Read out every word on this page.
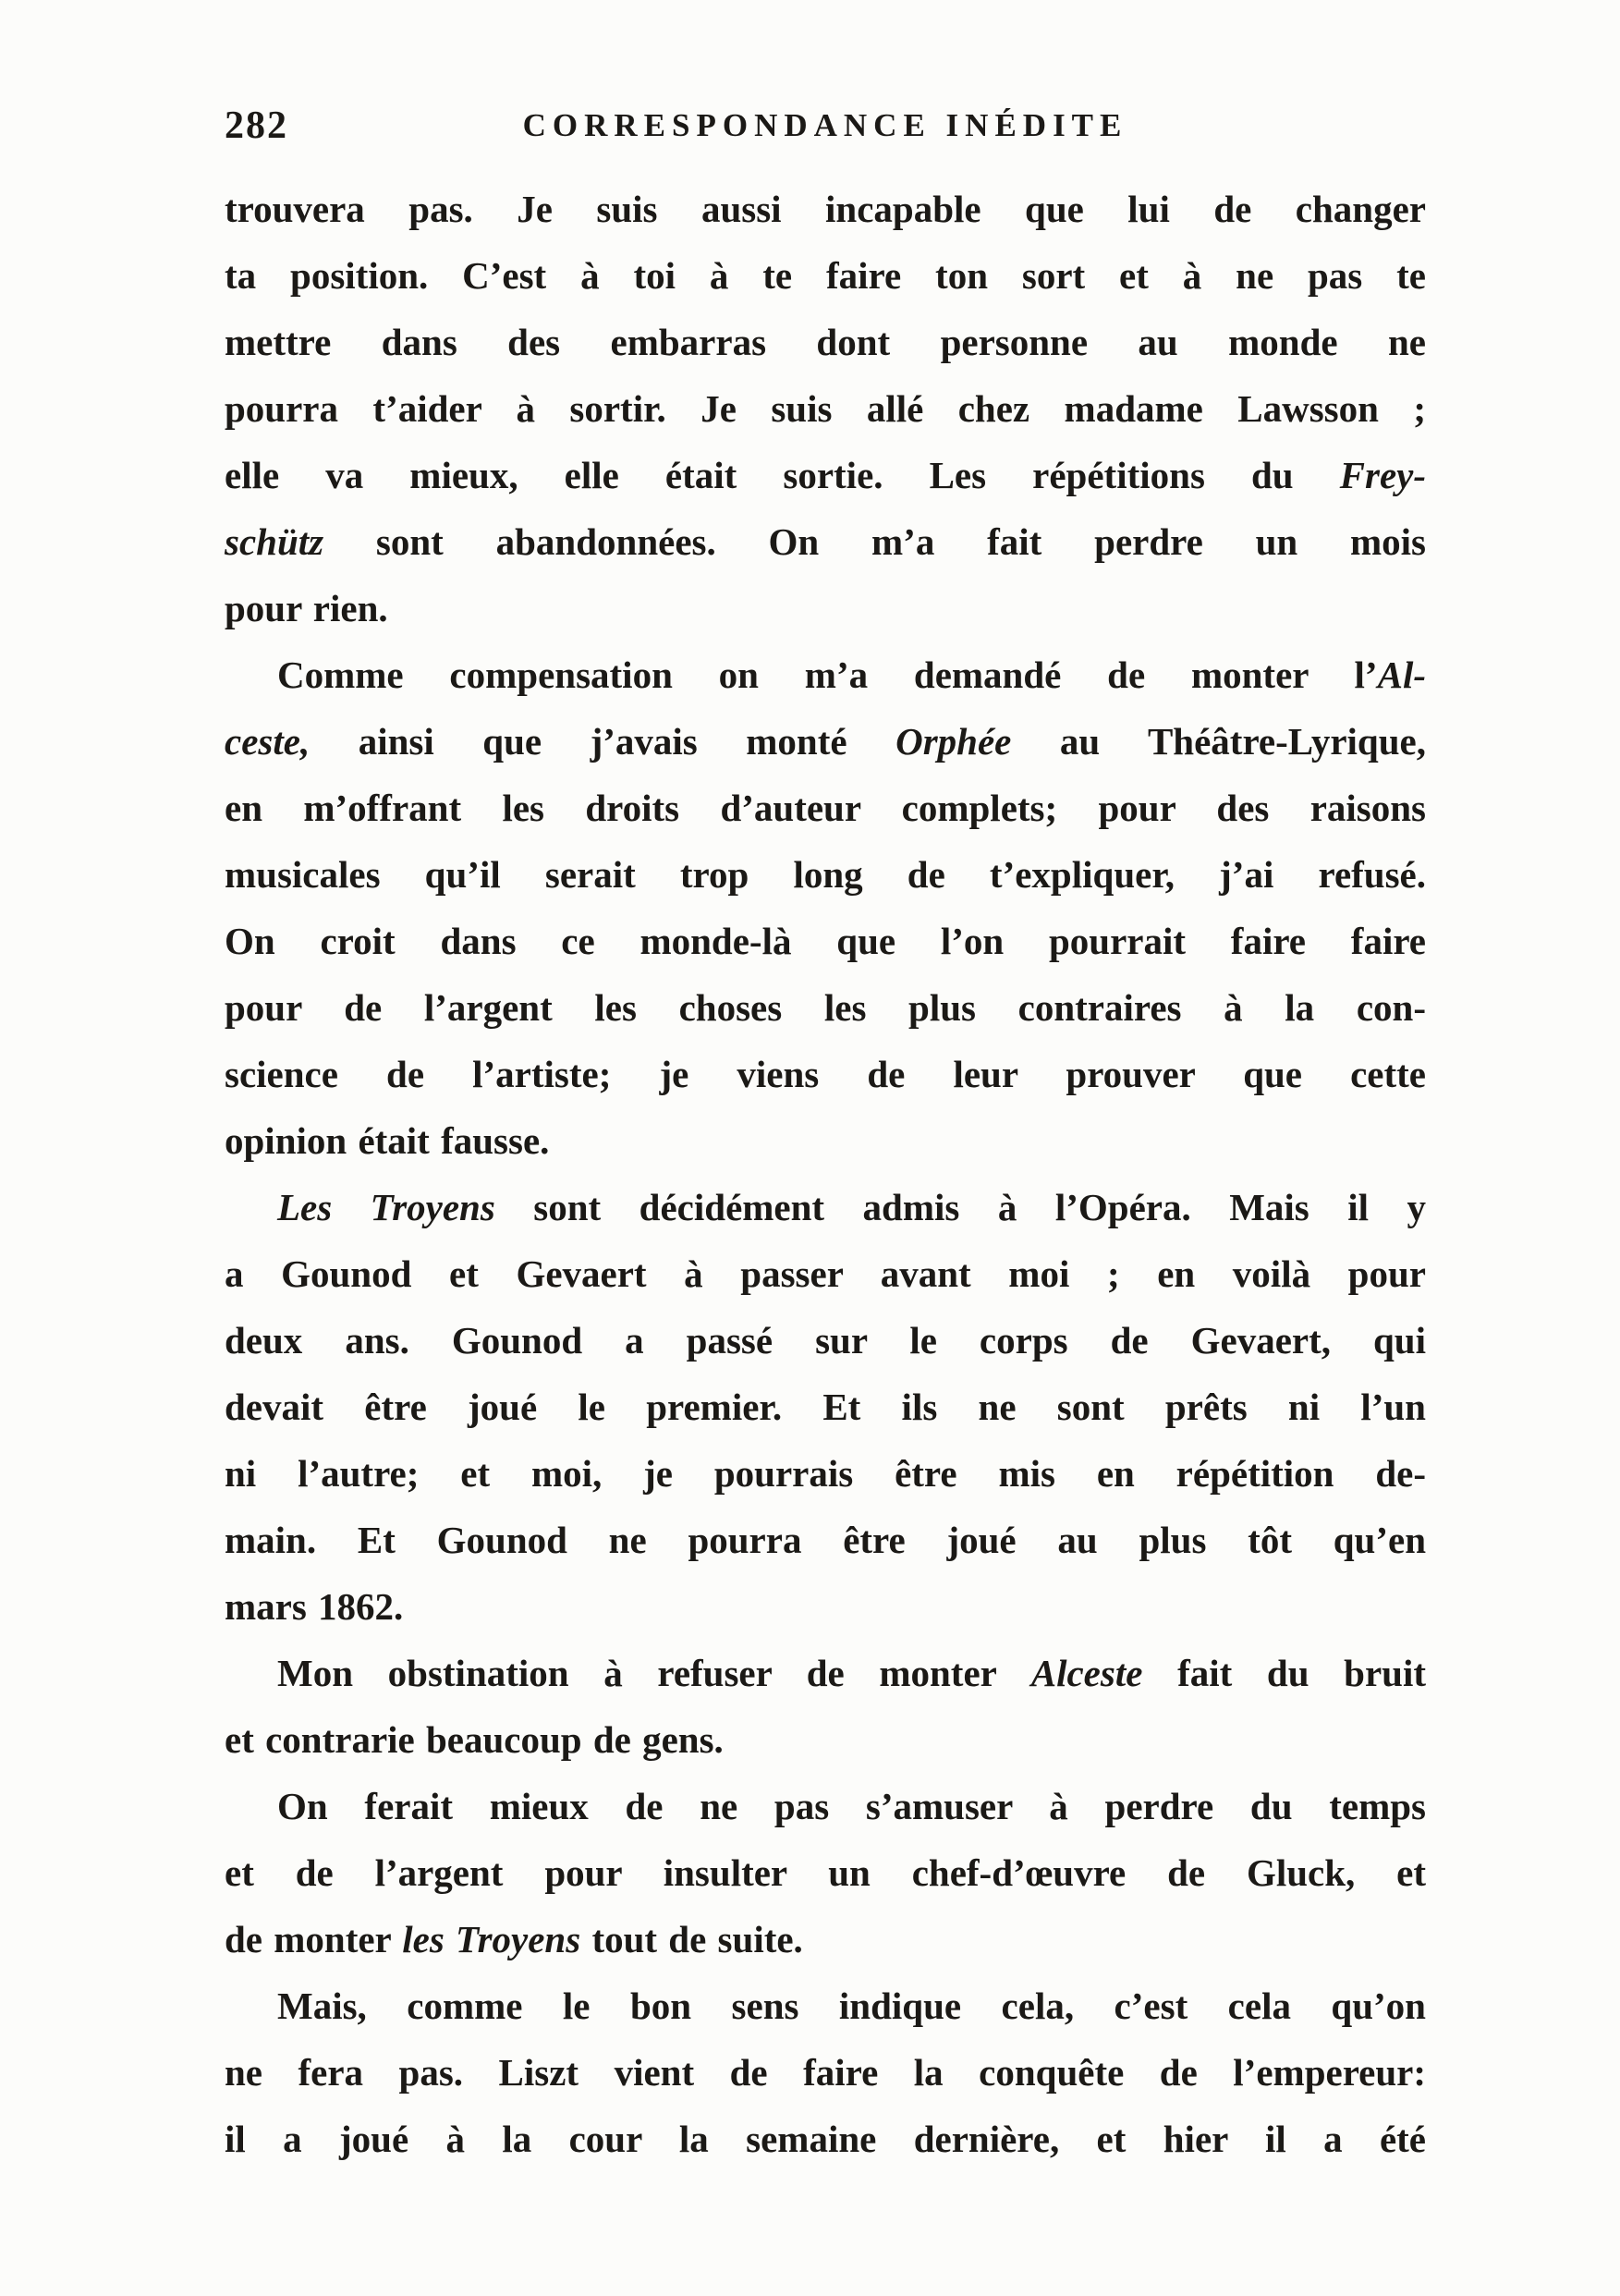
282	CORRESPONDANCE INÉDITE
trouvera pas. Je suis aussi incapable que lui de changer
ta position. C’est à toi à te faire ton sort et à ne pas te
mettre dans des embarras dont personne au monde ne
pourra t’aider à sortir. Je suis allé chez madame Lawsson ;
elle va mieux, elle était sortie. Les répétitions du Frey-
schütz sont abandonnées. On m’a fait perdre un mois
pour rien.
Comme compensation on m’a demandé de monter l’Al-
ceste, ainsi que j’avais monté Orphée au Théâtre-Lyrique,
en m’offrant les droits d’auteur complets; pour des raisons
musicales qu’il serait trop long de t’expliquer, j’ai refusé.
On croit dans ce monde-là que l’on pourrait faire faire
pour de l’argent les choses les plus contraires à la con-
science de l’artiste; je viens de leur prouver que cette
opinion était fausse.
Les Troyens sont décidément admis à l’Opéra. Mais il y
a Gounod et Gevaert à passer avant moi ; en voilà pour
deux ans. Gounod a passé sur le corps de Gevaert, qui
devait être joué le premier. Et ils ne sont prêts ni l’un
ni l’autre; et moi, je pourrais être mis en répétition de-
main. Et Gounod ne pourra être joué au plus tôt qu’en
mars 1862.
Mon obstination à refuser de monter Alceste fait du bruit
et contrarie beaucoup de gens.
On ferait mieux de ne pas s’amuser à perdre du temps
et de l’argent pour insulter un chef-d’œuvre de Gluck, et
de monter les Troyens tout de suite.
Mais, comme le bon sens indique cela, c’est cela qu’on
ne fera pas. Liszt vient de faire la conquête de l’empereur:
il a joué à la cour la semaine dernière, et hier il a été
